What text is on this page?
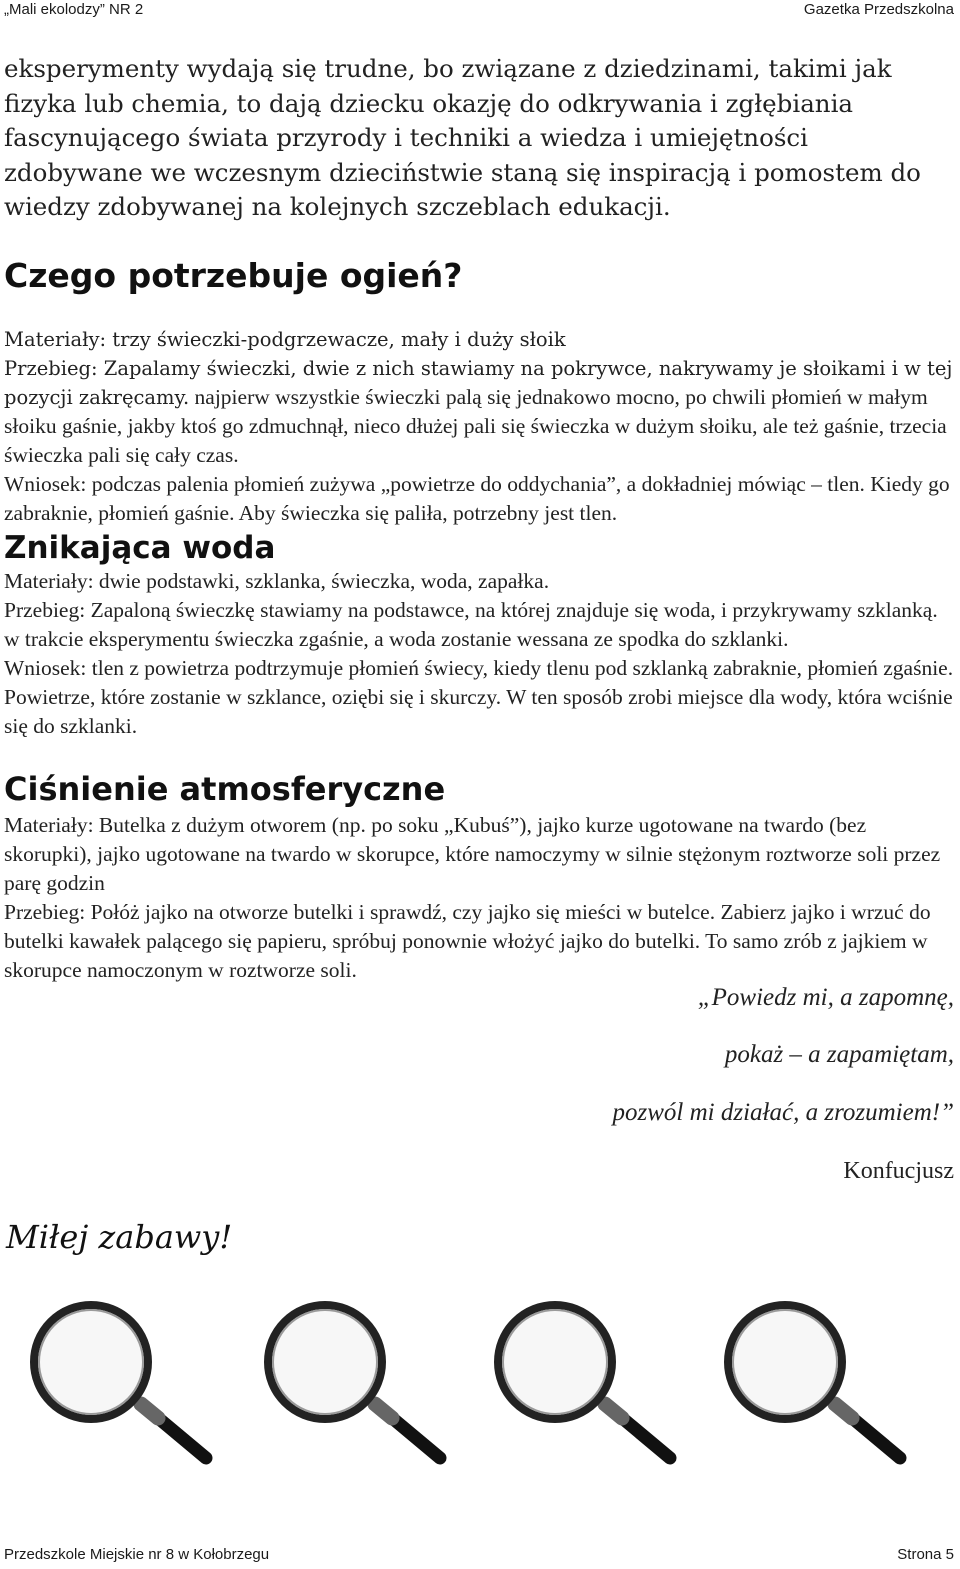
„Mali ekolodzy” NR 2	Gazetka Przedszkolna

eksperymenty wydają się trudne, bo związane z dziedzinami, takimi jak fizyka lub chemia, to dają dziecku okazję do odkrywania i zgłębiania fascynującego świata przyrody i techniki a wiedza i umiejętności zdobywane we wczesnym dzieciństwie staną się inspiracją i pomostem do wiedzy zdobywanej na kolejnych szczeblach edukacji.

Czego potrzebuje ogień?

Materiały: trzy świeczki-podgrzewacze, mały i duży słoik

Przebieg: Zapalamy świeczki, dwie z nich stawiamy na pokrywce, nakrywamy je słoikami i w tej pozycji zakręcamy. najpierw wszystkie świeczki palą się jednakowo mocno, po chwili płomień w małym słoiku gaśnie, jakby ktoś go zdmuchnął, nieco dłużej pali się świeczka w dużym słoiku, ale też gaśnie, trzecia świeczka pali się cały czas.

Wniosek: podczas palenia płomień zużywa „powietrze do oddychania”, a dokładniej mówiąc – tlen. Kiedy go zabraknie, płomień gaśnie. Aby świeczka się paliła, potrzebny jest tlen.

Znikająca woda

Materiały: dwie podstawki, szklanka, świeczka, woda, zapałka.

Przebieg: Zapaloną świeczkę stawiamy na podstawce, na której znajduje się woda, i przykrywamy szklanką. w trakcie eksperymentu świeczka zgaśnie, a woda zostanie wessana ze spodka do szklanki.

Wniosek: tlen z powietrza podtrzymuje płomień świecy, kiedy tlenu pod szklanką zabraknie, płomień zgaśnie. Powietrze, które zostanie w szklance, oziębi się i skurczy. W ten sposób zrobi miejsce dla wody, która wciśnie się do szklanki.

Ciśnienie atmosferyczne

Materiały: Butelka z dużym otworem (np. po soku „Kubuś”), jajko kurze ugotowane na twardo (bez skorupki), jajko ugotowane na twardo w skorupce, które namoczymy w silnie stężonym roztworze soli przez parę godzin

Przebieg: Połóż jajko na otworze butelki i sprawdź, czy jajko się mieści w butelce. Zabierz jajko i wrzuć do butelki kawałek palącego się papieru, spróbuj ponownie włożyć jajko do butelki. To samo zrób z jajkiem w skorupce namoczonym w roztworze soli.

„Powiedz mi, a zapomnę,

pokaż – a zapamiętam,

pozwól mi działać, a zrozumiem!”

Konfucjusz

Miłej zabawy!

Przedszkole Miejskie nr 8 w Kołobrzegu	Strona 5
